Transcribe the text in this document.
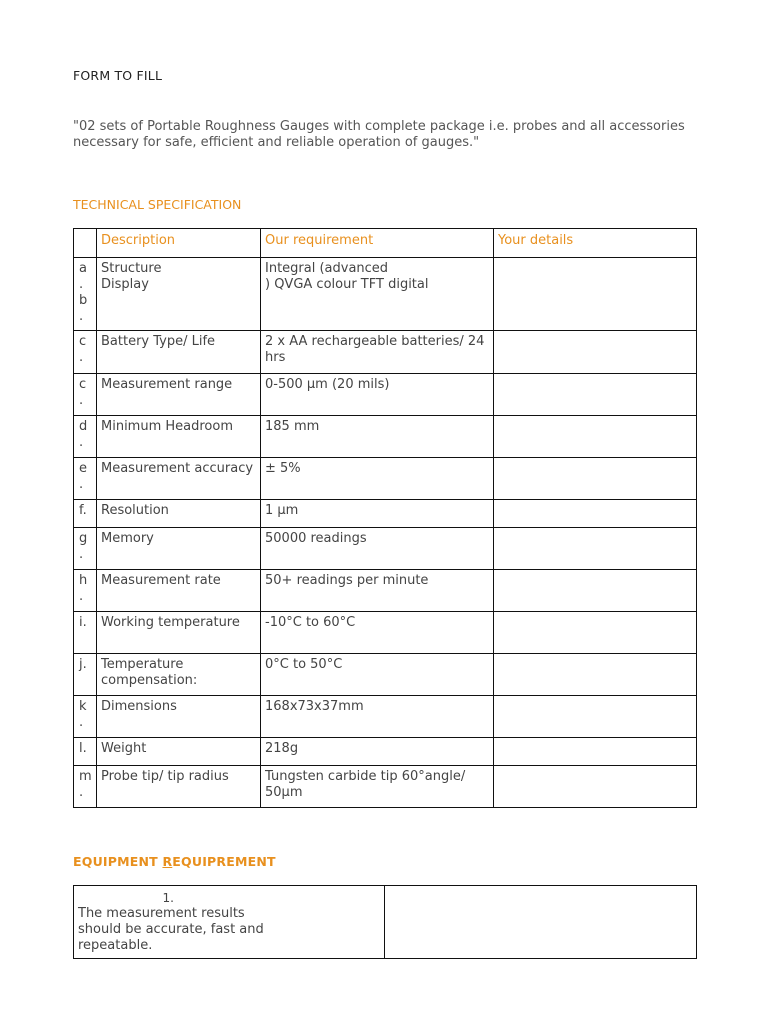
FORM TO FILL
"02 sets of Portable Roughness Gauges with complete package i.e. probes and all accessories necessary for safe, efficient and reliable operation of gauges."
TECHNICAL SPECIFICATION
	Description	Our requirement	Your details

a
.
b
.	Structure
Display	Integral (advanced
) QVGA colour TFT digital	

c
.	Battery Type/ Life	2 x AA rechargeable batteries/ 24 hrs	

c
.	Measurement range	0-500 µm (20 mils)	

d
.	Minimum Headroom	185 mm	

e
.	Measurement accuracy	± 5%	

f.	Resolution	1 µm	

g
.	Memory	50000 readings	

h
.	Measurement rate	50+ readings per minute	

i.	Working temperature	-10°C to 60°C	

j.	Temperature compensation:	0°C to 50°C	

k
.	Dimensions	168x73x37mm	

l.	Weight	218g	

m
.	Probe tip/ tip radius	Tungsten carbide tip 60°angle/ 50µm	
EQUIPMENT REQUIPREMENT
1.The measurement results should be accurate, fast and repeatable.	
